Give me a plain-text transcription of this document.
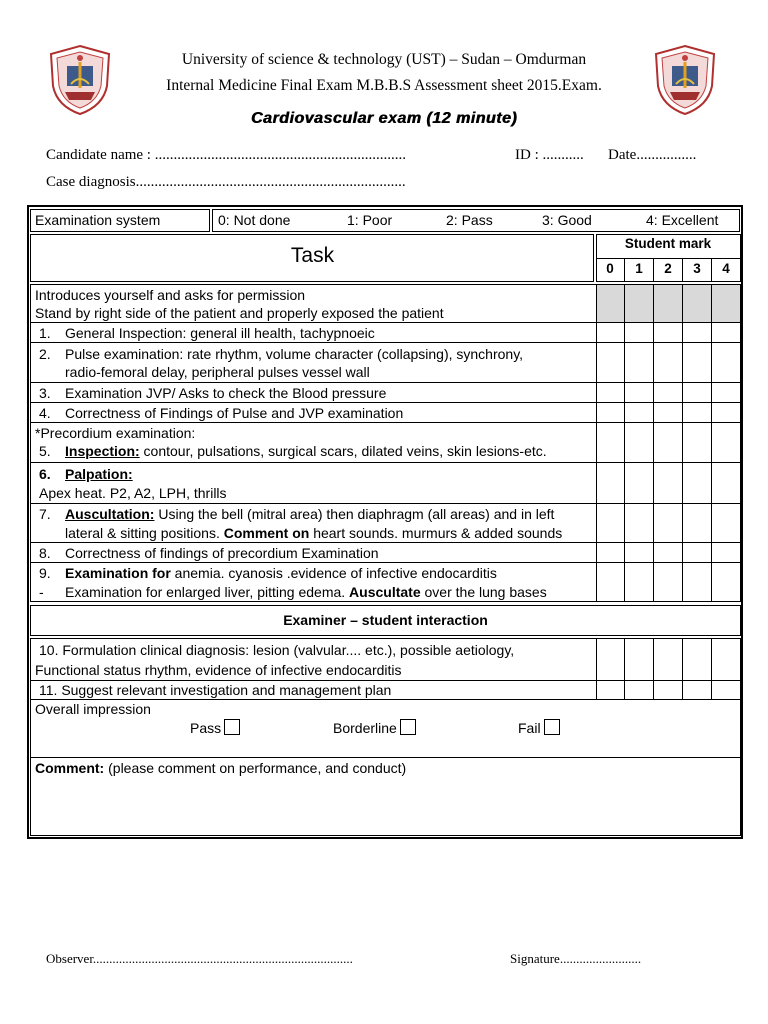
University of science & technology (UST) – Sudan – Omdurman
Internal Medicine Final Exam M.B.B.S Assessment sheet 2015.Exam.
Cardiovascular exam (12 minute)
Candidate name : ...................................................................	ID : ........... Date................
Case diagnosis........................................................................
Examination system	0: Not done	1: Poor	2: Pass	3: Good	4: Excellent
Task
Student mark
0	1	2	3	4
Introduces yourself and asks for permission
Stand by right side of the patient and properly exposed the patient
1. General Inspection: general ill health, tachypnoeic
2. Pulse examination: rate rhythm, volume character (collapsing), synchrony,
radio-femoral delay, peripheral pulses vessel wall
3. Examination JVP/ Asks to check the Blood pressure
4. Correctness of Findings of Pulse and JVP examination
*Precordium examination:
5. Inspection: contour, pulsations, surgical scars, dilated veins, skin lesions-etc.
6. Palpation:
Apex heat. P2, A2, LPH, thrills
7. Auscultation: Using the bell (mitral area) then diaphragm (all areas) and in left
lateral & sitting positions. Comment on heart sounds. murmurs & added sounds
8. Correctness of findings of precordium Examination
9. Examination for anemia. cyanosis .evidence of infective endocarditis
- Examination for enlarged liver, pitting edema. Auscultate over the lung bases
Examiner – student interaction
10. Formulation clinical diagnosis: lesion (valvular.... etc.), possible aetiology,
Functional status rhythm, evidence of infective endocarditis
11. Suggest relevant investigation and management plan
Overall impression
Pass	Borderline	Fail
Comment: (please comment on performance, and conduct)
Observer................................................................................	Signature.........................
